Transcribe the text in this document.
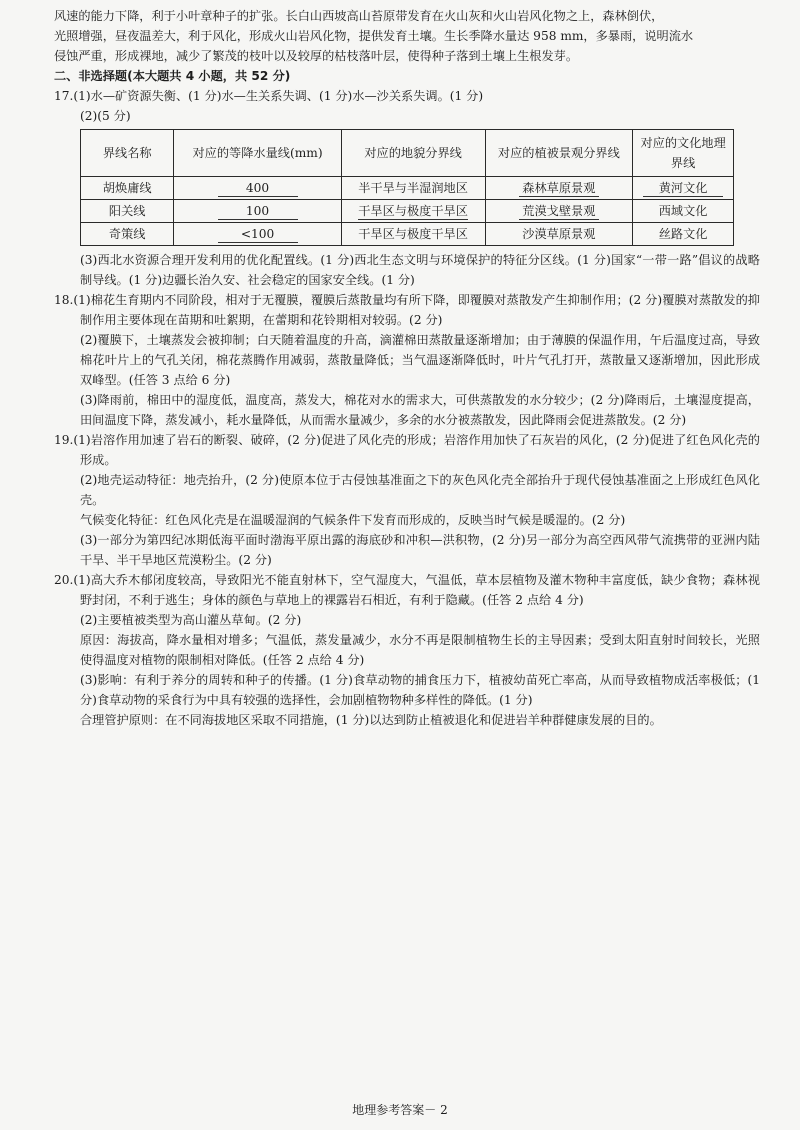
风速的能力下降，利于小叶章种子的扩张。长白山西坡高山苔原带发育在火山灰和火山岩风化物之上，森林倒伏，

光照增强，昼夜温差大，利于风化，形成火山岩风化物，提供发育土壤。生长季降水量达 958 mm，多暴雨，说明流水

侵蚀严重，形成裸地，减少了繁茂的枝叶以及较厚的枯枝落叶层，使得种子落到土壤上生根发芽。

二、非选择题(本大题共 4 小题，共 52 分)

17.(1)水—矿资源失衡、(1 分)水—生关系失调、(1 分)水—沙关系失调。(1 分)

(2)(5 分)

界线名称	对应的等降水量线(mm)	对应的地貌分界线	对应的植被景观分界线	对应的文化地理界线
胡焕庸线	400	半干旱与半湿润地区	森林草原景观	黄河文化
阳关线	100	干旱区与极度干旱区	荒漠戈壁景观	西域文化
奇策线	<100	干旱区与极度干旱区	沙漠草原景观	丝路文化

(3)西北水资源合理开发利用的优化配置线。(1 分)西北生态文明与环境保护的特征分区线。(1 分)国家“一带一路”倡议的战略制导线。(1 分)边疆长治久安、社会稳定的国家安全线。(1 分)

18.(1)棉花生育期内不同阶段，相对于无覆膜，覆膜后蒸散量均有所下降，即覆膜对蒸散发产生抑制作用；(2 分)覆膜对蒸散发的抑制作用主要体现在苗期和吐絮期，在蕾期和花铃期相对较弱。(2 分)

(2)覆膜下，土壤蒸发会被抑制；白天随着温度的升高，滴灌棉田蒸散量逐渐增加；由于薄膜的保温作用，午后温度过高，导致棉花叶片上的气孔关闭，棉花蒸腾作用减弱，蒸散量降低；当气温逐渐降低时，叶片气孔打开，蒸散量又逐渐增加，因此形成双峰型。(任答 3 点给 6 分)

(3)降雨前，棉田中的湿度低，温度高，蒸发大，棉花对水的需求大，可供蒸散发的水分较少；(2 分)降雨后，土壤湿度提高，田间温度下降，蒸发减小，耗水量降低，从而需水量减少，多余的水分被蒸散发，因此降雨会促进蒸散发。(2 分)

19.(1)岩溶作用加速了岩石的断裂、破碎，(2 分)促进了风化壳的形成；岩溶作用加快了石灰岩的风化，(2 分)促进了红色风化壳的形成。

(2)地壳运动特征：地壳抬升，(2 分)使原本位于古侵蚀基准面之下的灰色风化壳全部抬升于现代侵蚀基准面之上形成红色风化壳。

气候变化特征：红色风化壳是在温暖湿润的气候条件下发育而形成的，反映当时气候是暖湿的。(2 分)

(3)一部分为第四纪冰期低海平面时渤海平原出露的海底砂和冲积—洪积物，(2 分)另一部分为高空西风带气流携带的亚洲内陆干旱、半干旱地区荒漠粉尘。(2 分)

20.(1)高大乔木郁闭度较高，导致阳光不能直射林下，空气湿度大，气温低，草本层植物及灌木物种丰富度低，缺少食物；森林视野封闭，不利于逃生；身体的颜色与草地上的裸露岩石相近，有利于隐藏。(任答 2 点给 4 分)

(2)主要植被类型为高山灌丛草甸。(2 分)

原因：海拔高，降水量相对增多；气温低，蒸发量减少，水分不再是限制植物生长的主导因素；受到太阳直射时间较长，光照使得温度对植物的限制相对降低。(任答 2 点给 4 分)

(3)影响：有利于养分的周转和种子的传播。(1 分)食草动物的捕食压力下，植被幼苗死亡率高，从而导致植物成活率极低；(1 分)食草动物的采食行为中具有较强的选择性，会加剧植物物种多样性的降低。(1 分)

合理管护原则：在不同海拔地区采取不同措施，(1 分)以达到防止植被退化和促进岩羊种群健康发展的目的。

地理参考答案－ 2
